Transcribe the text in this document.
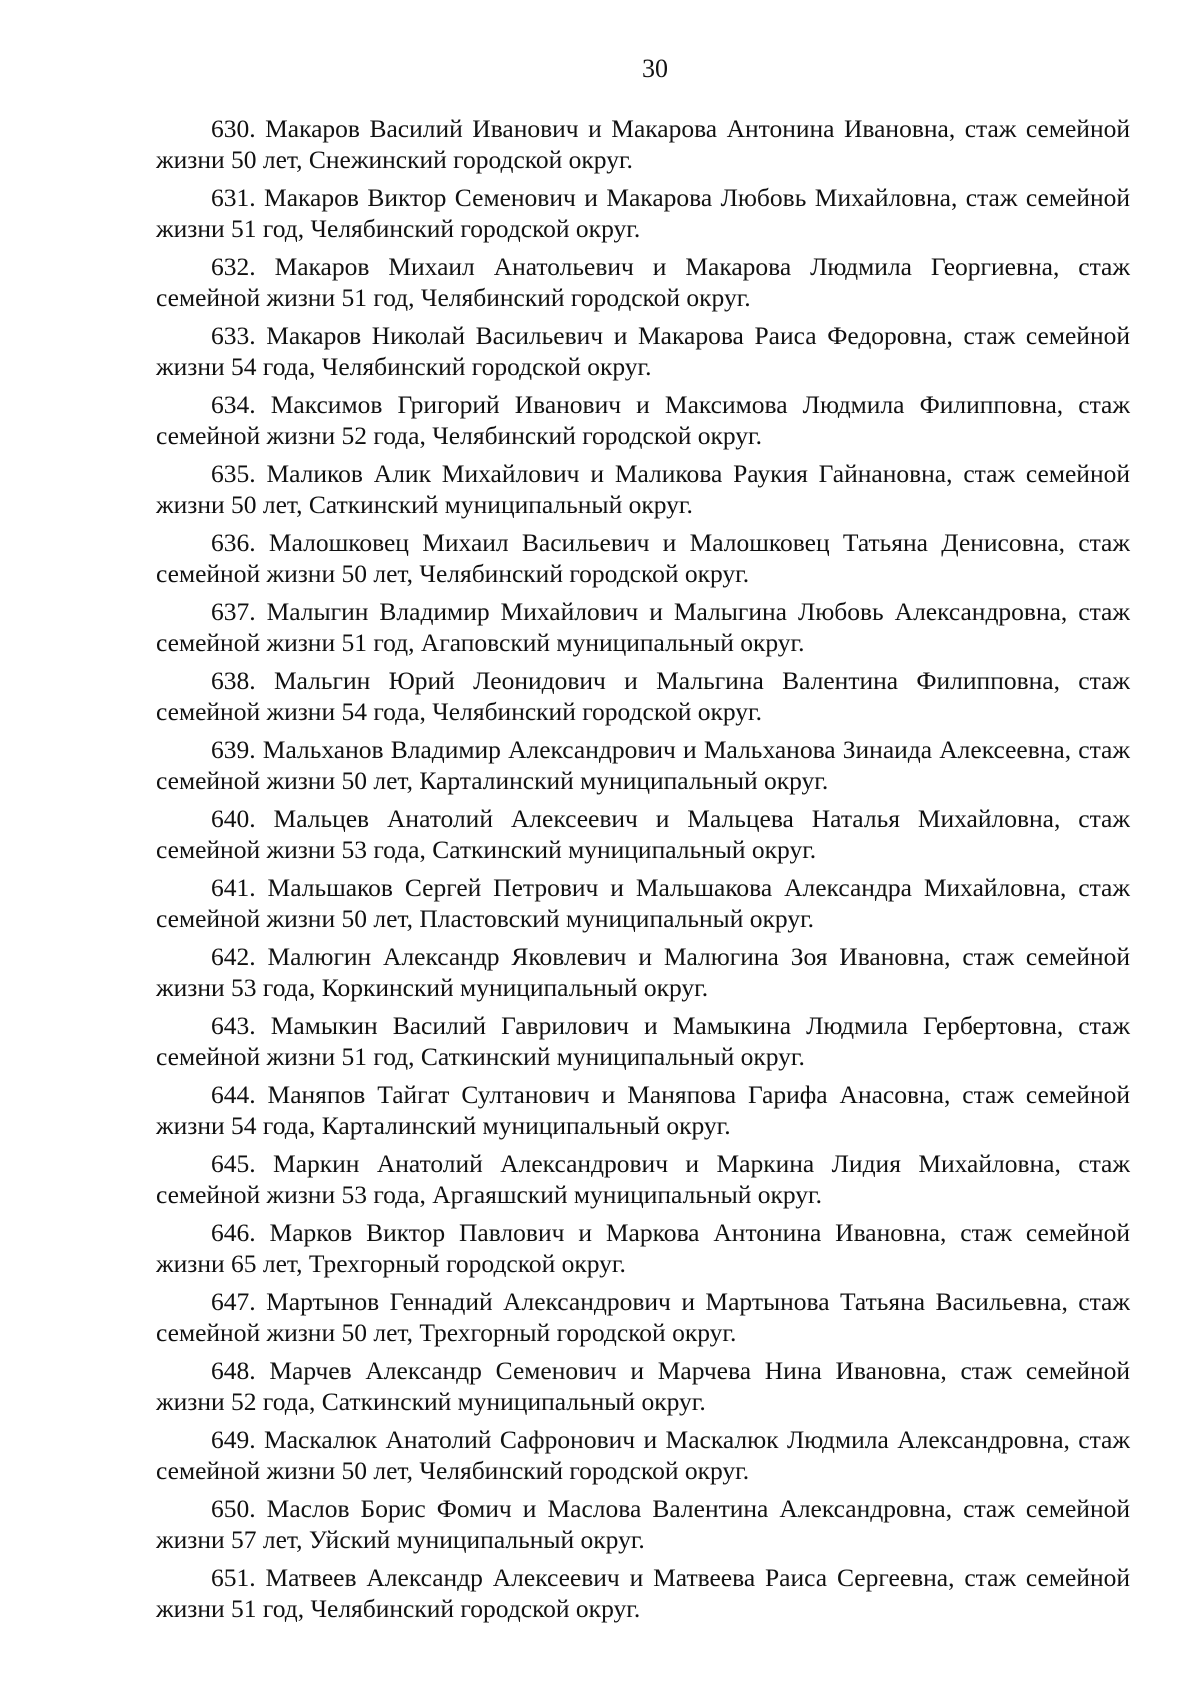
30

630. Макаров Василий Иванович и Макарова Антонина Ивановна, стаж семейной жизни 50 лет, Снежинский городской округ.

631. Макаров Виктор Семенович и Макарова Любовь Михайловна, стаж семейной жизни 51 год, Челябинский городской округ.

632. Макаров Михаил Анатольевич и Макарова Людмила Георгиевна, стаж семейной жизни 51 год, Челябинский городской округ.

633. Макаров Николай Васильевич и Макарова Раиса Федоровна, стаж семейной жизни 54 года, Челябинский городской округ.

634. Максимов Григорий Иванович и Максимова Людмила Филипповна, стаж семейной жизни 52 года, Челябинский городской округ.

635. Маликов Алик Михайлович и Маликова Раукия Гайнановна, стаж семейной жизни 50 лет, Саткинский муниципальный округ.

636. Малошковец Михаил Васильевич и Малошковец Татьяна Денисовна, стаж семейной жизни 50 лет, Челябинский городской округ.

637. Малыгин Владимир Михайлович и Малыгина Любовь Александровна, стаж семейной жизни 51 год, Агаповский муниципальный округ.

638. Мальгин Юрий Леонидович и Мальгина Валентина Филипповна, стаж семейной жизни 54 года, Челябинский городской округ.

639. Мальханов Владимир Александрович и Мальханова Зинаида Алексеевна, стаж семейной жизни 50 лет, Карталинский муниципальный округ.

640. Мальцев Анатолий Алексеевич и Мальцева Наталья Михайловна, стаж семейной жизни 53 года, Саткинский муниципальный округ.

641. Мальшаков Сергей Петрович и Мальшакова Александра Михайловна, стаж семейной жизни 50 лет, Пластовский муниципальный округ.

642. Малюгин Александр Яковлевич и Малюгина Зоя Ивановна, стаж семейной жизни 53 года, Коркинский муниципальный округ.

643. Мамыкин Василий Гаврилович и Мамыкина Людмила Гербертовна, стаж семейной жизни 51 год, Саткинский муниципальный округ.

644. Маняпов Тайгат Султанович и Маняпова Гарифа Анасовна, стаж семейной жизни 54 года, Карталинский муниципальный округ.

645. Маркин Анатолий Александрович и Маркина Лидия Михайловна, стаж семейной жизни 53 года, Аргаяшский муниципальный округ.

646. Марков Виктор Павлович и Маркова Антонина Ивановна, стаж семейной жизни 65 лет, Трехгорный городской округ.

647. Мартынов Геннадий Александрович и Мартынова Татьяна Васильевна, стаж семейной жизни 50 лет, Трехгорный городской округ.

648. Марчев Александр Семенович и Марчева Нина Ивановна, стаж семейной жизни 52 года, Саткинский муниципальный округ.

649. Маскалюк Анатолий Сафронович и Маскалюк Людмила Александровна, стаж семейной жизни 50 лет, Челябинский городской округ.

650. Маслов Борис Фомич и Маслова Валентина Александровна, стаж семейной жизни 57 лет, Уйский муниципальный округ.

651. Матвеев Александр Алексеевич и Матвеева Раиса Сергеевна, стаж семейной жизни 51 год, Челябинский городской округ.
